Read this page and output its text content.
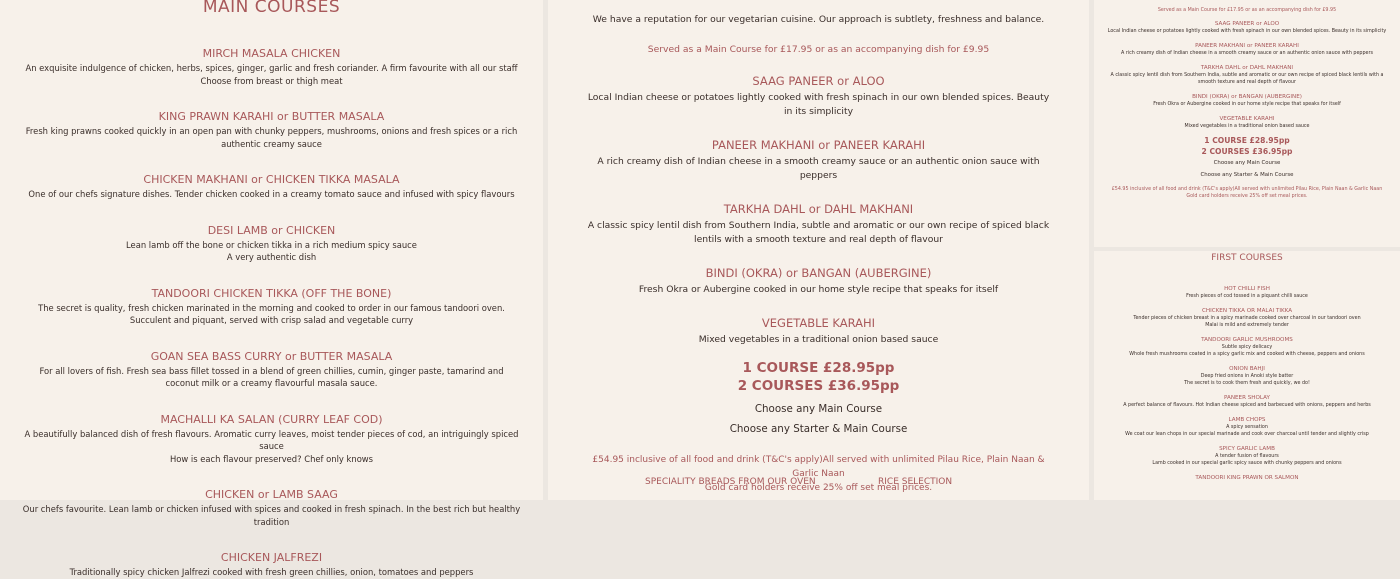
MAIN COURSES
MIRCH MASALA CHICKEN
An exquisite indulgence of chicken, herbs, spices, ginger, garlic and fresh coriander. A firm favourite with all our staff
Choose from breast or thigh meat
KING PRAWN KARAHI or BUTTER MASALA
Fresh king prawns cooked quickly in an open pan with chunky peppers, mushrooms, onions and fresh spices or a rich authentic creamy sauce
CHICKEN MAKHANI or CHICKEN TIKKA MASALA
One of our chefs signature dishes. Tender chicken cooked in a creamy tomato sauce and infused with spicy flavours
DESI LAMB or CHICKEN
Lean lamb off the bone or chicken tikka in a rich medium spicy sauce
A very authentic dish
TANDOORI CHICKEN TIKKA (OFF THE BONE)
The secret is quality, fresh chicken marinated in the morning and cooked to order in our famous tandoori oven.
Succulent and piquant, served with crisp salad and vegetable curry
GOAN SEA BASS CURRY or BUTTER MASALA
For all lovers of fish. Fresh sea bass fillet tossed in a blend of green chillies, cumin, ginger paste, tamarind and coconut milk or a creamy flavourful masala sauce.
MACHALLI KA SALAN (CURRY LEAF COD)
A beautifully balanced dish of fresh flavours. Aromatic curry leaves, moist tender pieces of cod, an intriguingly spiced sauce
How is each flavour preserved? Chef only knows
CHICKEN or LAMB SAAG
Our chefs favourite. Lean lamb or chicken infused with spices and cooked in fresh spinach. In the best rich but healthy tradition
CHICKEN JALFREZI
Traditionally spicy chicken Jalfrezi cooked with fresh green chillies, onion, tomatoes and peppers
We have a reputation for our vegetarian cuisine. Our approach is subtlety, freshness and balance.
Served as a Main Course for £17.95 or as an accompanying dish for £9.95
SAAG PANEER or ALOO
Local Indian cheese or potatoes lightly cooked with fresh spinach in our own blended spices. Beauty in its simplicity
PANEER MAKHANI or PANEER KARAHI
A rich creamy dish of Indian cheese in a smooth creamy sauce or an authentic onion sauce with peppers
TARKHA DAHL or DAHL MAKHANI
A classic spicy lentil dish from Southern India, subtle and aromatic or our own recipe of spiced black lentils with a smooth texture and real depth of flavour
BINDI (OKRA) or BANGAN (AUBERGINE)
Fresh Okra or Aubergine cooked in our home style recipe that speaks for itself
VEGETABLE KARAHI
Mixed vegetables in a traditional onion based sauce
1 COURSE £28.95pp
2 COURSES £36.95pp
Choose any Main Course
Choose any Starter & Main Course
£54.95 inclusive of all food and drink (T&C's apply)All served with unlimited Pilau Rice, Plain Naan & Garlic Naan
Gold card holders receive 25% off set meal prices.
SPECIALITY BREADS FROM OUR OVEN	RICE SELECTION
Served as a Main Course for £17.95 or as an accompanying dish for £9.95
SAAG PANEER or ALOO
Local Indian cheese or potatoes lightly cooked with fresh spinach in our own blended spices. Beauty in its simplicity
PANEER MAKHANI or PANEER KARAHI
A rich creamy dish of Indian cheese in a smooth creamy sauce or an authentic onion sauce with peppers
TARKHA DAHL or DAHL MAKHANI
A classic spicy lentil dish from Southern India, subtle and aromatic or our own recipe of spiced black lentils with a smooth texture and real depth of flavour
BINDI (OKRA) or BANGAN (AUBERGINE)
Fresh Okra or Aubergine cooked in our home style recipe that speaks for itself
VEGETABLE KARAHI
Mixed vegetables in a traditional onion based sauce
1 COURSE £28.95pp
2 COURSES £36.95pp
Choose any Main Course
Choose any Starter & Main Course
£54.95 inclusive of all food and drink (T&C's apply)All served with unlimited Pilau Rice, Plain Naan & Garlic Naan Gold card holders receive 25% off set meal prices.
FIRST COURSES
HOT CHILLI FISH
Fresh pieces of cod tossed in a piquant chilli sauce
CHICKEN TIKKA OR MALAI TIKKA
Tender pieces of chicken breast in a spicy marinade cooked over charcoal in our tandoori oven
Malai is mild and extremely tender
TANDOORI GARLIC MUSHROOMS
Subtle spicy delicacy
Whole fresh mushrooms coated in a spicy garlic mix and cooked with cheese, peppers and onions
ONION BAHJI
Deep fried onions in Anoki style batter
The secret is to cook them fresh and quickly, we do!
PANEER SHOLAY
A perfect balance of flavours. Hot Indian cheese spiced and barbecued with onions, peppers and herbs
LAMB CHOPS
A spicy sensation
We coat our lean chops in our special marinade and cook over charcoal until tender and slightly crisp
SPICY GARLIC LAMB
A tender fusion of flavours
Lamb cooked in our special garlic spicy sauce with chunky peppers and onions
TANDOORI KING PRAWN OR SALMON
